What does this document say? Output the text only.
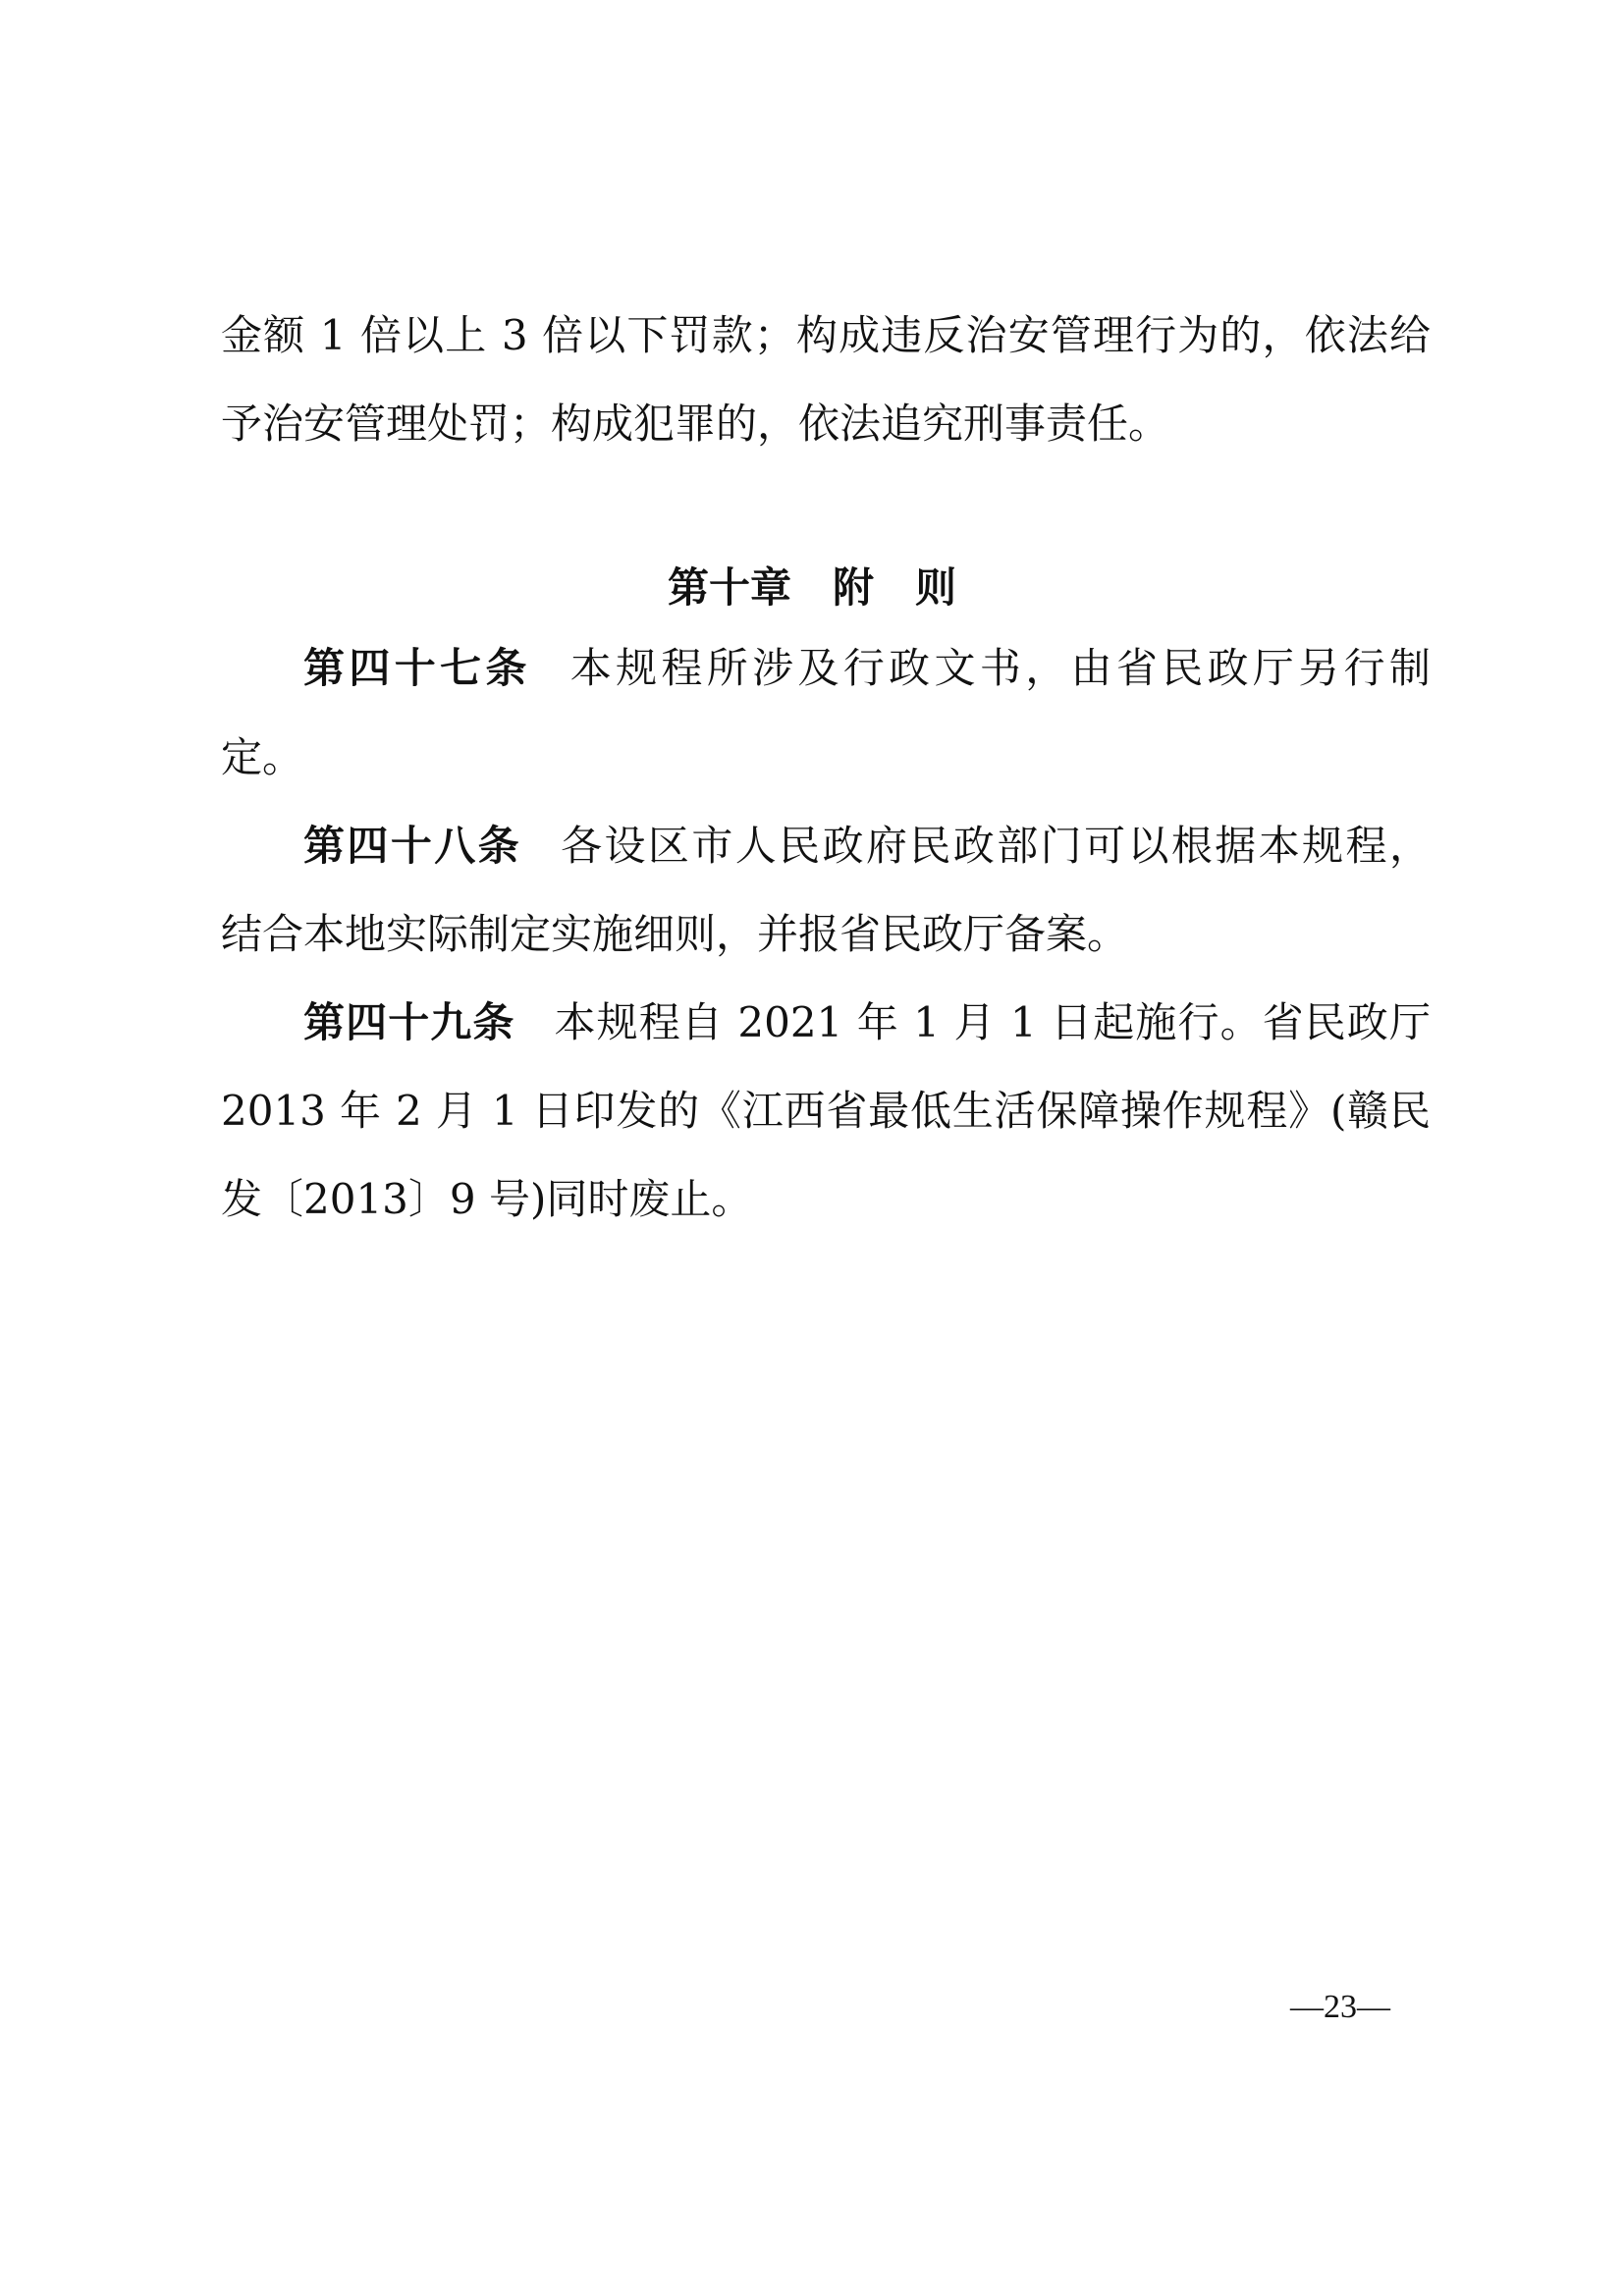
金额 1 倍以上 3 倍以下罚款；构成违反治安管理行为的，依法给
予治安管理处罚；构成犯罪的，依法追究刑事责任。
第十章　附　则
第四十七条 本规程所涉及行政文书，由省民政厅另行制
定。
第四十八条 各设区市人民政府民政部门可以根据本规程，
结合本地实际制定实施细则，并报省民政厅备案。
第四十九条 本规程自 2021 年 1 月 1 日起施行。省民政厅
2013 年 2 月 1 日印发的《江西省最低生活保障操作规程》(赣民
发〔2013〕9 号)同时废止。
—23—
